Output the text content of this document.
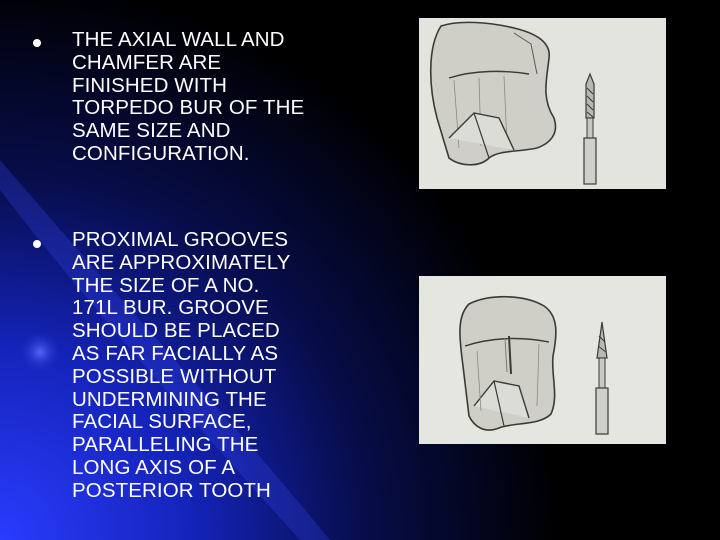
THE AXIAL WALL AND
CHAMFER ARE
FINISHED WITH
TORPEDO BUR OF THE
SAME SIZE AND
CONFIGURATION.
PROXIMAL GROOVES
ARE APPROXIMATELY
THE SIZE OF A NO.
171L BUR. GROOVE
SHOULD BE PLACED
AS FAR FACIALLY AS
POSSIBLE WITHOUT
UNDERMINING THE
FACIAL SURFACE,
PARALLELING THE
LONG AXIS OF A
POSTERIOR TOOTH
